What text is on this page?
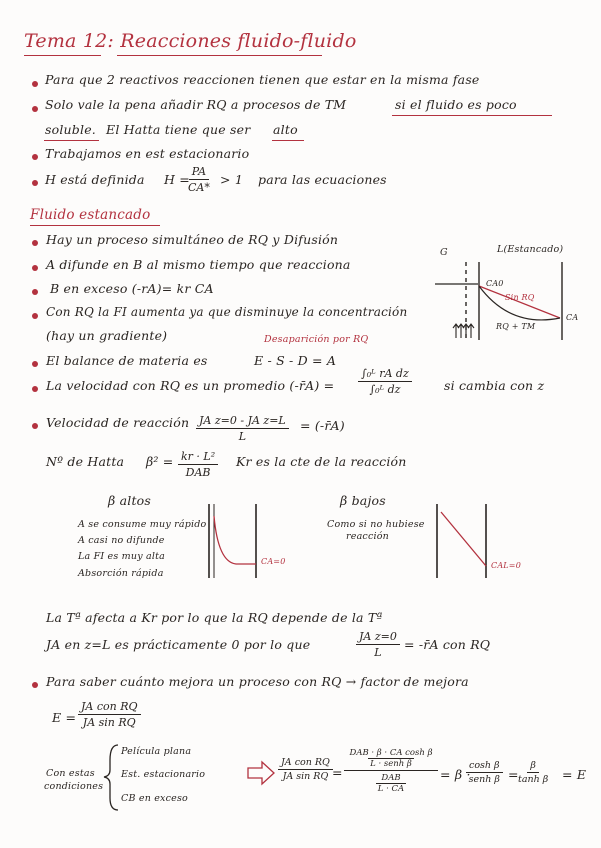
Tema 12: Reacciones fluido-fluido
Para que 2 reactivos reaccionen tienen que estar en la misma fase
Solo vale la pena añadir RQ a procesos de TM	si el fluido es poco
soluble. El Hatta tiene que ser alto
Trabajamos en est estacionario
H está definida H =
$\frac{PA}{CA*} > 1$ para las ecuaciones
Fluido estancado
Hay un proceso simultáneo de RQ y Difusión
A difunde en B al mismo tiempo que reacciona
B en exceso (-rA)= kr CA
Con RQ la FI aumenta ya que disminuye la concentración
(hay un gradiente)	Desaparición por RQ
El balance de materia es	E - S - D = A
La velocidad con RQ es un promedio (-r̄A) = $\frac{\text{∫₀ᴸ rA dz}}{\text{∫₀ᴸ dz}}$	si cambia con z
Velocidad de reacción $\frac{\text{JA z=0 - JA z=L}}{L}$ = (-r̄A)
Nº de Hatta β² = kr · L²
DAB
Kr es la cte de la reacción
G	L(Estancado)
CA0
Sin RQ
RQ + TM
CA
β altos
A se consume muy rápido
A casi no difunde
La FI es muy alta
Absorción rápida
CA=0
β bajos
Como si no hubiese
reacción
CAL=0
La Tª afecta a Kr por lo que la RQ depende de la Tª
JA en z=L es prácticamente 0 por lo que	$\frac{\text{JA z=0}}{L}$ = -r̄A con RQ
Para saber cuánto mejora un proceso con RQ → factor de mejora
E =
JA con RQ
JA sin RQ
Con estas
condiciones
Película plana
Est. estacionario
CB en exceso
JA con RQ
JA sin RQ =
DAB · β · CA cosh β
L · senh β
DAB
L · CA
= β ·
cosh β
senh $\beta = \frac{\beta}{\text{tanh β}} = E$
